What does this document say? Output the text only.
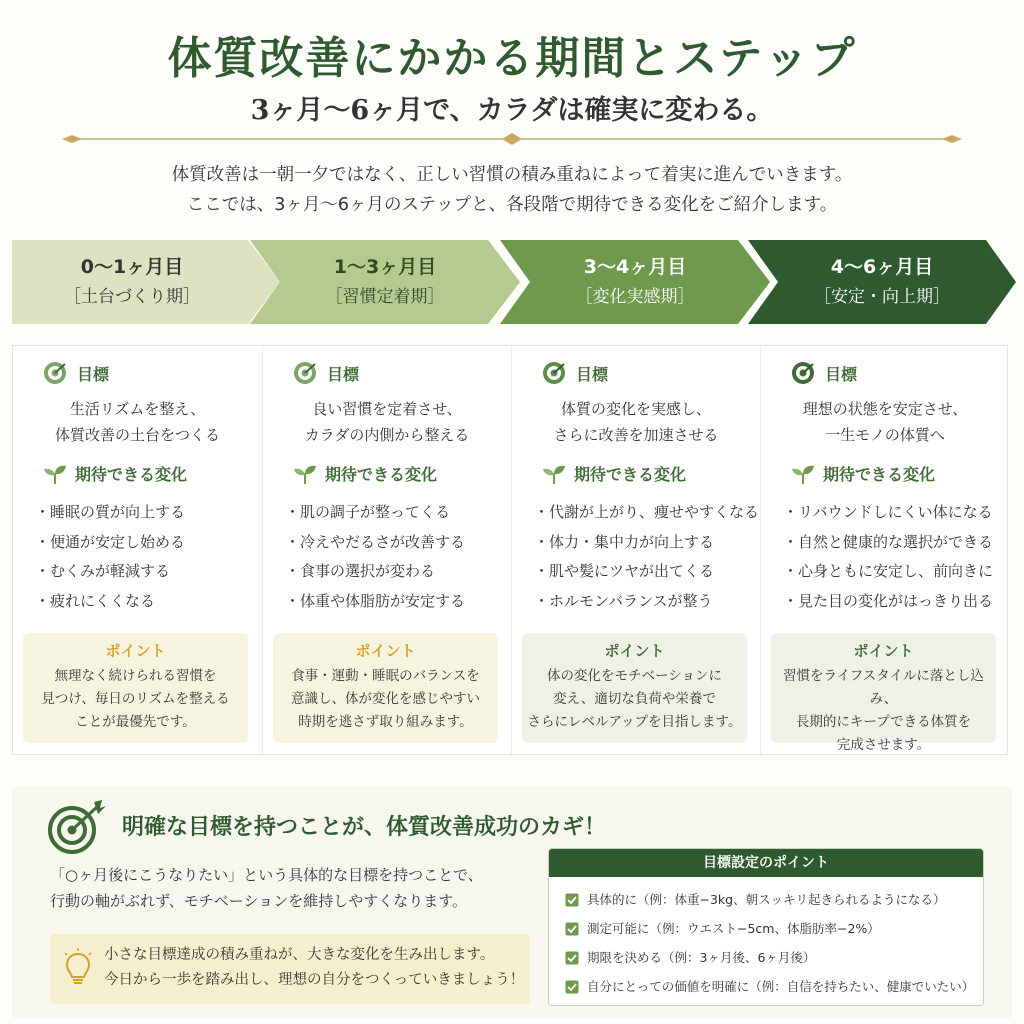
体質改善にかかる期間とステップ
3ヶ月〜6ヶ月で、カラダは確実に変わる。
体質改善は一朝一夕ではなく、正しい習慣の積み重ねによって着実に進んでいきます。
ここでは、3ヶ月〜6ヶ月のステップと、各段階で期待できる変化をご紹介します。
0〜1ヶ月目
［土台づくり期］
1〜3ヶ月目
［習慣定着期］
3〜4ヶ月目
［変化実感期］
4〜6ヶ月目
［安定・向上期］
目標
生活リズムを整え、
体質改善の土台をつくる
期待できる変化
・ 睡眠の質が向上する
・ 便通が安定し始める
・ むくみが軽減する
・ 疲れにくくなる
ポイント
無理なく続けられる習慣を
見つけ、毎日のリズムを整える
ことが最優先です。
目標
良い習慣を定着させ、
カラダの内側から整える
期待できる変化
・ 肌の調子が整ってくる
・ 冷えやだるさが改善する
・ 食事の選択が変わる
・ 体重や体脂肪が安定する
ポイント
食事・運動・睡眠のバランスを
意識し、体が変化を感じやすい
時期を逃さず取り組みます。
目標
体質の変化を実感し、
さらに改善を加速させる
期待できる変化
・ 代謝が上がり、痩せやすくなる
・ 体力・集中力が向上する
・ 肌や髪にツヤが出てくる
・ ホルモンバランスが整う
ポイント
体の変化をモチベーションに
変え、適切な負荷や栄養で
さらにレベルアップを目指します。
目標
理想の状態を安定させ、
一生モノの体質へ
期待できる変化
・ リバウンドしにくい体になる
・ 自然と健康的な選択ができる
・ 心身ともに安定し、前向きに
・ 見た目の変化がはっきり出る
ポイント
習慣をライフスタイルに落とし込み、
長期的にキープできる体質を
完成させます。
明確な目標を持つことが、体質改善成功のカギ！
「○ヶ月後にこうなりたい」という具体的な目標を持つことで、
行動の軸がぶれず、モチベーションを維持しやすくなります。
小さな目標達成の積み重ねが、大きな変化を生み出します。
今日から一歩を踏み出し、理想の自分をつくっていきましょう！
目標設定のポイント
具体的に（例：体重−3kg、朝スッキリ起きられるようになる）
測定可能に（例：ウエスト−5cm、体脂肪率−2%）
期限を決める（例：3ヶ月後、6ヶ月後）
自分にとっての価値を明確に（例：自信を持ちたい、健康でいたい）
